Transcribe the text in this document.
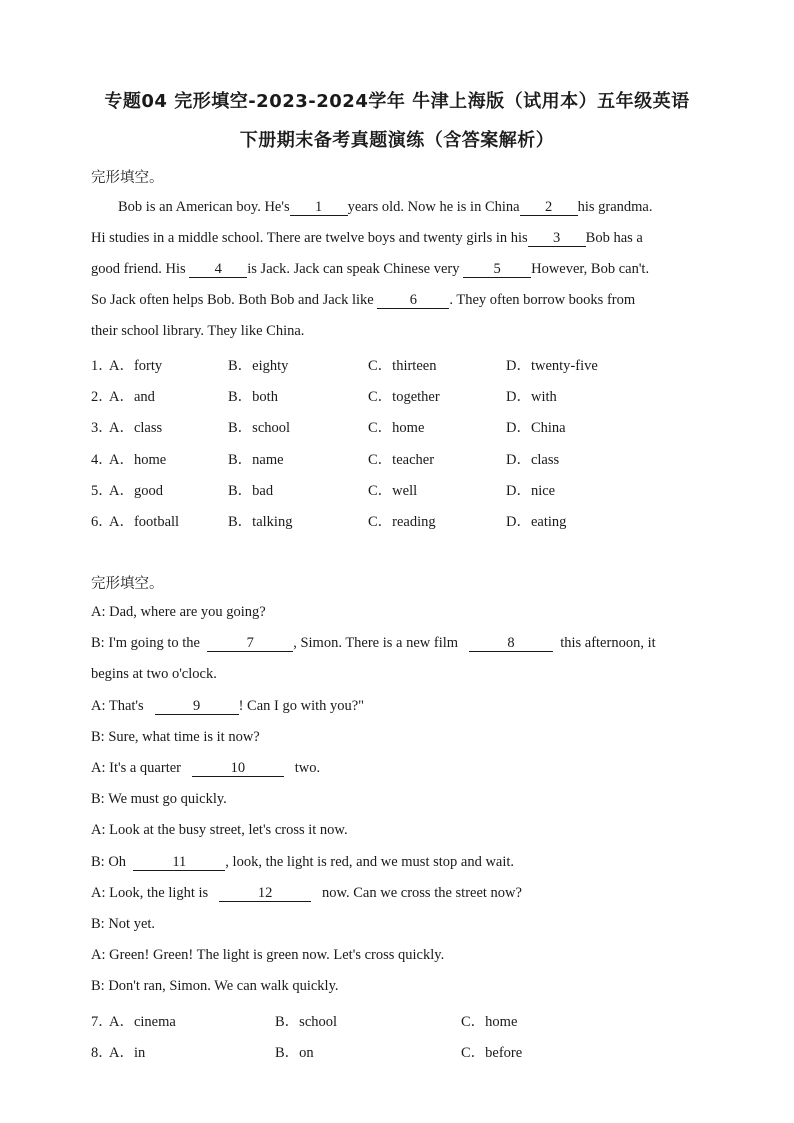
专题04 完形填空-2023-2024学年 牛津上海版（试用本）五年级英语
下册期末备考真题演练（含答案解析）
完形填空。
Bob is an American boy. He's 1 years old. Now he is in China 2 his grandma.
Hi studies in a middle school. There are twelve boys and twenty girls in his 3 Bob has a
good friend. His 4 is Jack. Jack can speak Chinese very 5 However, Bob can't.
So Jack often helps Bob. Both Bob and Jack like 6 . They often borrow books from
their school library. They like China.
1．
A．forty	B．eighty	C．thirteen	D．twenty-five
2．
A．and	B．both	C．together	D．with
3．
A．class	B．school	C．home	D．China
4．
A．home	B．name	C．teacher	D．class
5．
A．good	B．bad	C．well	D．nice
6．
A．football	B．talking	C．reading	D．eating
完形填空。
A: Dad, where are you going?
B: I'm going to the	7	, Simon. There is a new film	8	this afternoon, it
begins at two o'clock.
A: That's	9	! Can I go with you?"
B: Sure, what time is it now?
A: It's a quarter	10	two.
B: We must go quickly.
A: Look at the busy street, let's cross it now.
B: Oh	11	, look, the light is red, and we must stop and wait.
A: Look, the light is	12	now. Can we cross the street now?
B: Not yet.
A: Green! Green! The light is green now. Let's cross quickly.
B: Don't ran, Simon. We can walk quickly.
7．
A．cinema	B．school	C．home
8．
A．in	B．on	C．before
